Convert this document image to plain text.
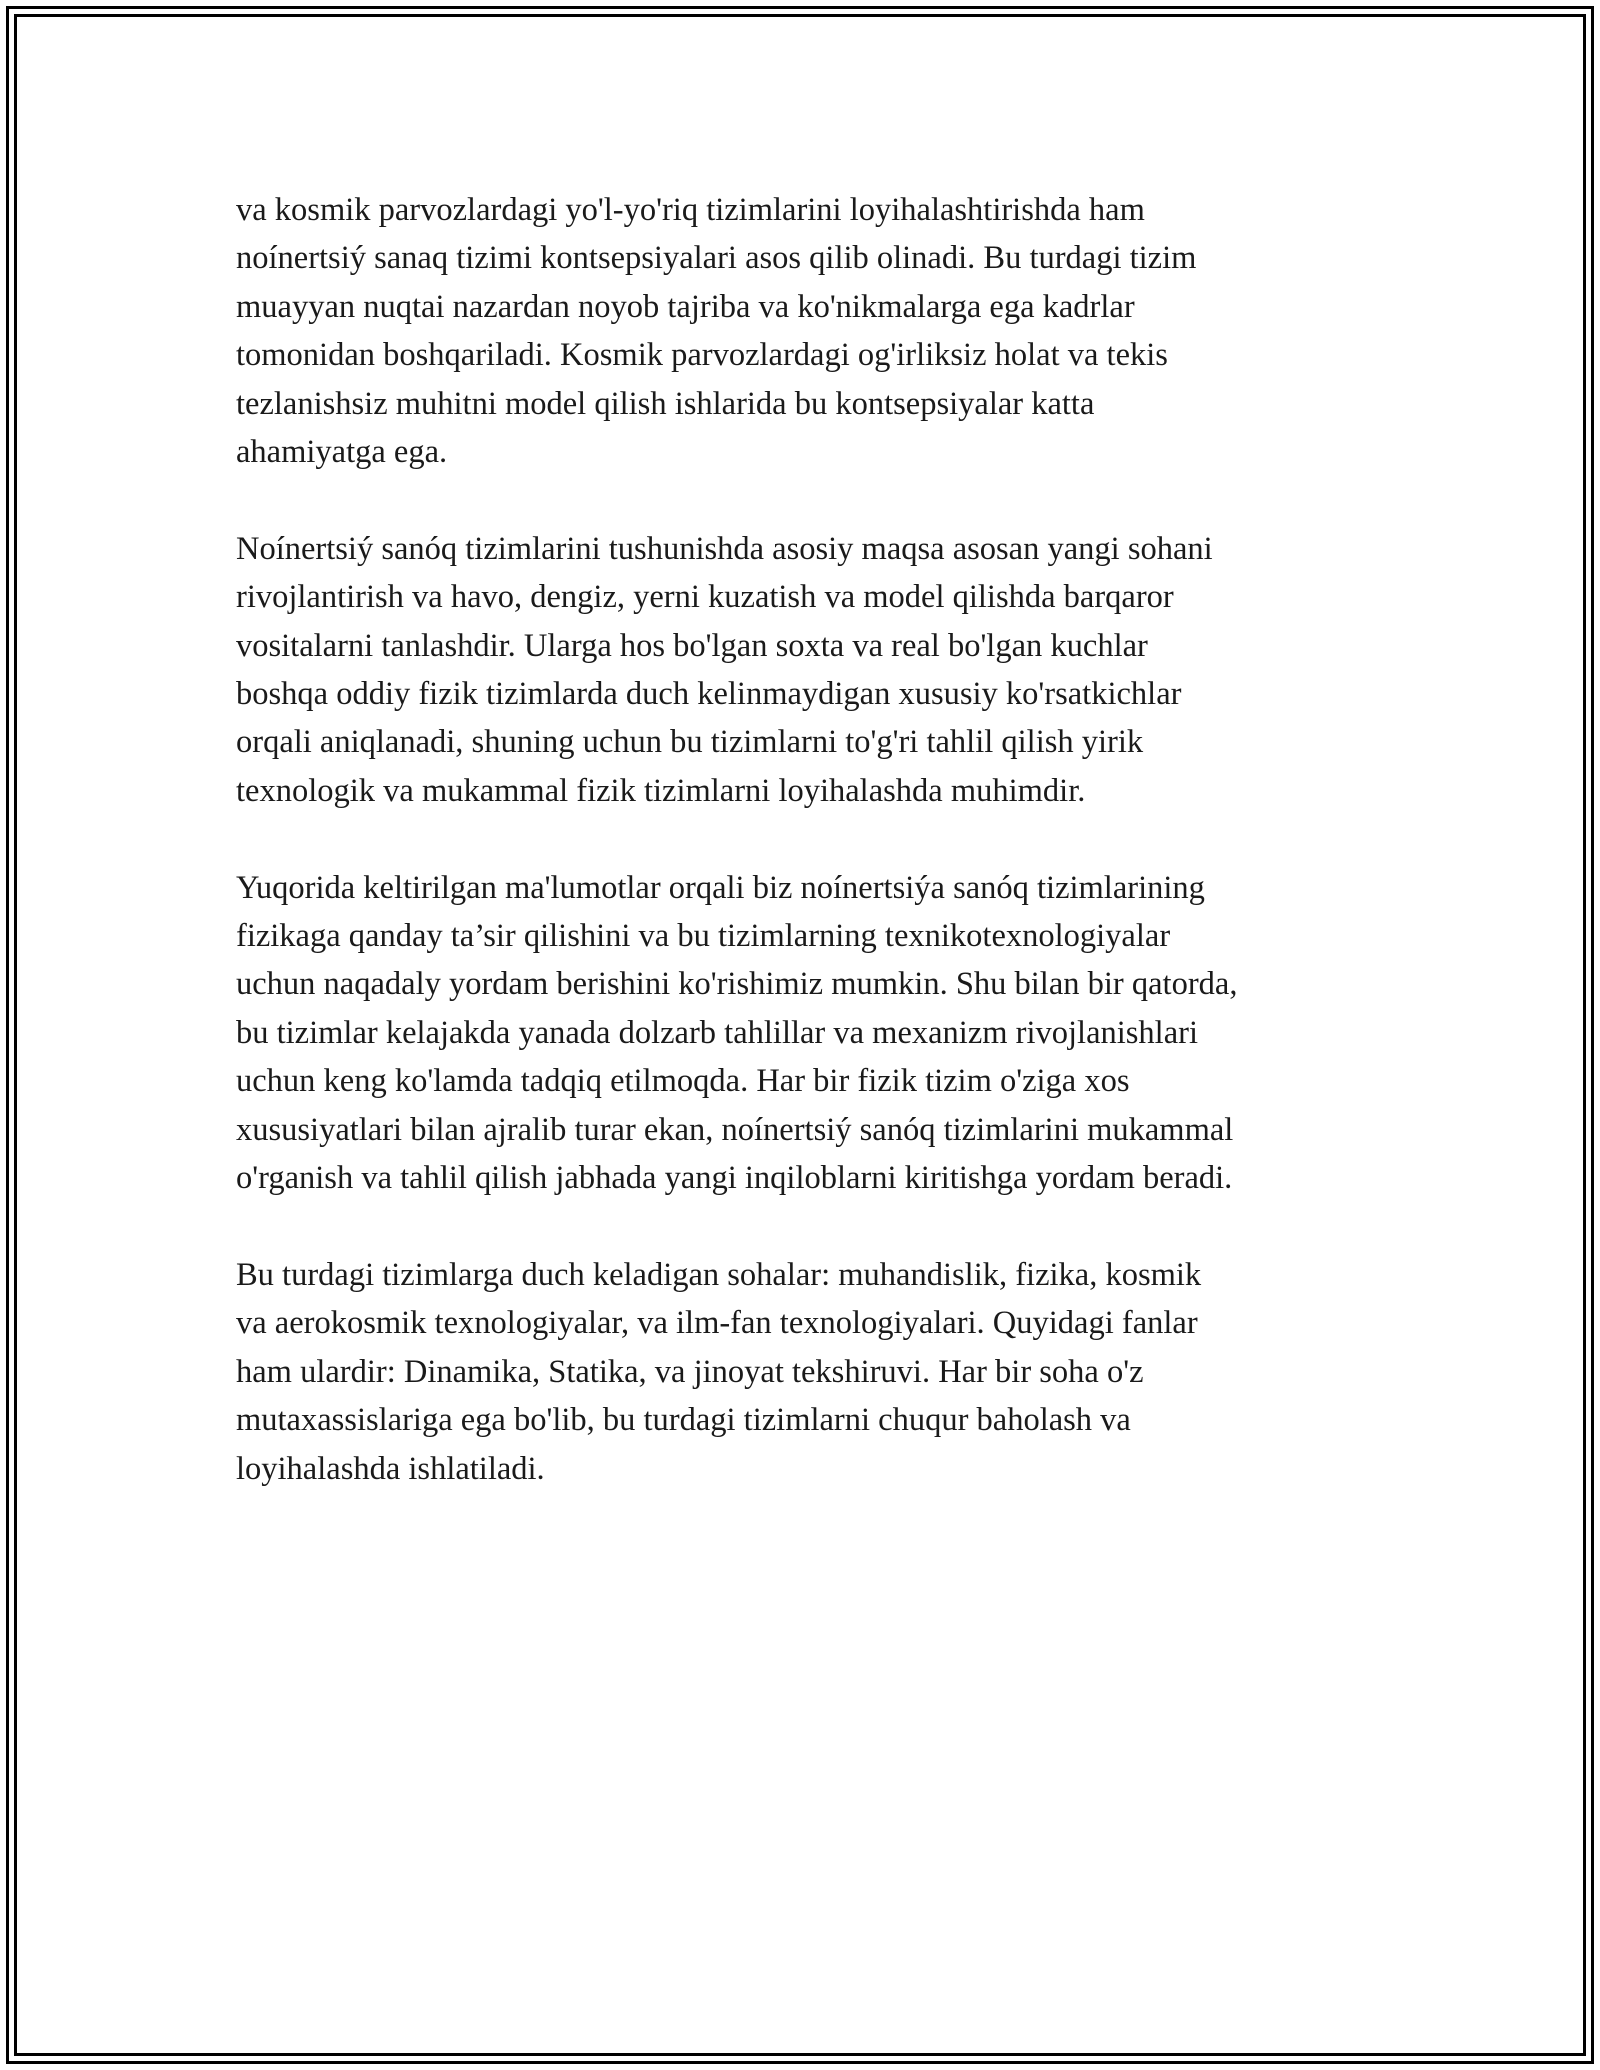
va kosmik parvozlardagi yo'l-yo'riq tizimlarini loyihalashtirishda ham
noínertsiý sanaq tizimi kontsepsiyalari asos qilib olinadi. Bu turdagi tizim
muayyan nuqtai nazardan noyob tajriba va ko'nikmalarga ega kadrlar
tomonidan boshqariladi. Kosmik parvozlardagi og'irliksiz holat va tekis
tezlanishsiz muhitni model qilish ishlarida bu kontsepsiyalar katta
ahamiyatga ega.

Noínertsiý sanóq tizimlarini tushunishda asosiy maqsa asosan yangi sohani
rivojlantirish va havo, dengiz, yerni kuzatish va model qilishda barqaror
vositalarni tanlashdir. Ularga hos bo'lgan soxta va real bo'lgan kuchlar
boshqa oddiy fizik tizimlarda duch kelinmaydigan xususiy ko'rsatkichlar
orqali aniqlanadi, shuning uchun bu tizimlarni to'g'ri tahlil qilish yirik
texnologik va mukammal fizik tizimlarni loyihalashda muhimdir.

Yuqorida keltirilgan ma'lumotlar orqali biz noínertsiýa sanóq tizimlarining
fizikaga qanday ta’sir qilishini va bu tizimlarning texnikotexnologiyalar
uchun naqadaly yordam berishini ko'rishimiz mumkin. Shu bilan bir qatorda,
bu tizimlar kelajakda yanada dolzarb tahlillar va mexanizm rivojlanishlari
uchun keng ko'lamda tadqiq etilmoqda. Har bir fizik tizim o'ziga xos
xususiyatlari bilan ajralib turar ekan, noínertsiý sanóq tizimlarini mukammal
o'rganish va tahlil qilish jabhada yangi inqiloblarni kiritishga yordam beradi.

Bu turdagi tizimlarga duch keladigan sohalar: muhandislik, fizika, kosmik
va aerokosmik texnologiyalar, va ilm-fan texnologiyalari. Quyidagi fanlar
ham ulardir: Dinamika, Statika, va jinoyat tekshiruvi. Har bir soha o'z
mutaxassislariga ega bo'lib, bu turdagi tizimlarni chuqur baholash va
loyihalashda ishlatiladi.
